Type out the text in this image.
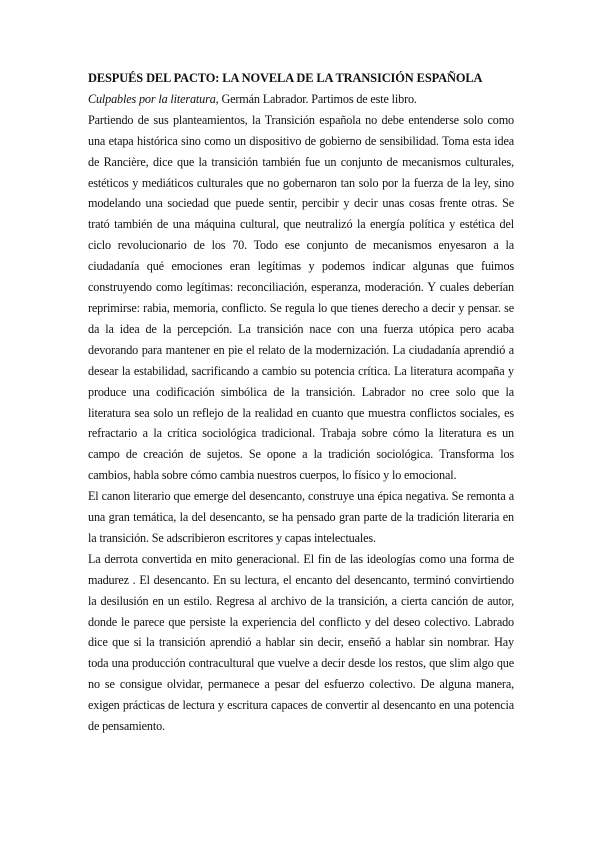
DESPUÉS DEL PACTO: LA NOVELA DE LA TRANSICIÓN ESPAÑOLA

Culpables por la literatura, Germán Labrador. Partimos de este libro.

Partiendo de sus planteamientos, la Transición española no debe entenderse solo como una etapa histórica sino como un dispositivo de gobierno de sensibilidad. Toma esta idea de Rancière, dice que la transición también fue un conjunto de mecanismos culturales, estéticos y mediáticos culturales que no gobernaron tan solo por la fuerza de la ley, sino modelando una sociedad que puede sentir, percibir y decir unas cosas frente otras. Se trató también de una máquina cultural, que neutralizó la energía política y estética del ciclo revolucionario de los 70. Todo ese conjunto de mecanismos enyesaron a la ciudadanía qué emociones eran legítimas y podemos indicar algunas que fuimos construyendo como legítimas: reconciliación, esperanza, moderación. Y cuales deberían reprimirse: rabia, memoria, conflicto. Se regula lo que tienes derecho a decir y pensar. se da la idea de la percepción. La transición nace con una fuerza utópica pero acaba devorando para mantener en pie el relato de la modernización. La ciudadanía aprendió a desear la estabilidad, sacrificando a cambio su potencia crítica. La literatura acompaña y produce una codificación simbólica de la transición. Labrador no cree solo que la literatura sea solo un reflejo de la realidad en cuanto que muestra conflictos sociales, es refractario a la crítica sociológica tradicional. Trabaja sobre cómo la literatura es un campo de creación de sujetos. Se opone a la tradición sociológica. Transforma los cambios, habla sobre cómo cambia nuestros cuerpos, lo físico y lo emocional.

El canon literario que emerge del desencanto, construye una épica negativa. Se remonta a una gran temática, la del desencanto, se ha pensado gran parte de la tradición literaria en la transición. Se adscribieron escritores y capas intelectuales.

La derrota convertida en mito generacional. El fin de las ideologías como una forma de madurez . El desencanto. En su lectura, el encanto del desencanto, terminó convirtiendo la desilusión en un estilo. Regresa al archivo de la transición, a cierta canción de autor, donde le parece que persiste la experiencia del conflicto y del deseo colectivo. Labrado dice que si la transición aprendió a hablar sin decir, enseñó a hablar sin nombrar. Hay toda una producción contracultural que vuelve a decir desde los restos, que slim algo que no se consigue olvidar, permanece a pesar del esfuerzo colectivo. De alguna manera, exigen prácticas de lectura y escritura capaces de convertir al desencanto en una potencia de pensamiento.
